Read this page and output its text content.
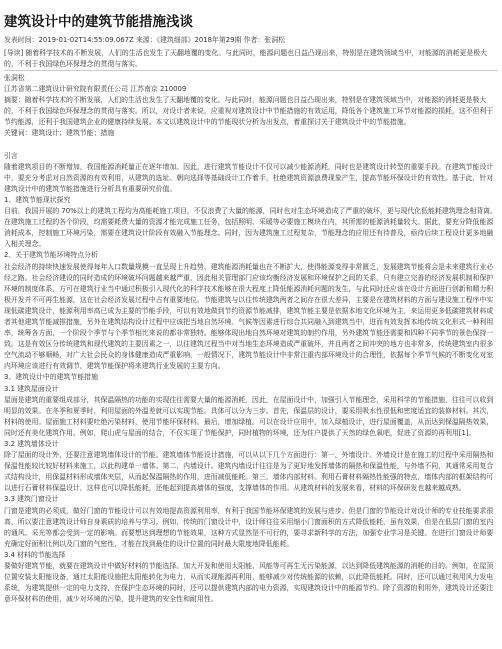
建筑设计中的建筑节能措施浅谈
发表时间：2019-01-02T14:55:09.067Z 来源：《建筑细部》2018年第29期 作者：张洞松
[导读] 随着科学技术的不断发展，人们的生活也发生了天翻地覆的变化。与此同时，能源问题也日益凸现出来，特别是在建筑领域当中，对能源的消耗更是极大的，不利于我国绿色环保理念的贯彻与落实。

张洞松

江苏省第二建筑设计研究院有限责任公司 江苏南京 210009

摘要：随着科学技术的不断发展，人们的生活也发生了天翻地覆的变化。与此同时，能源问题也日益凸现出来，特别是在建筑领域当中，对能源的消耗更是极大的，不利于我国绿色环保理念的贯彻与落实。所以，对设计者来说，应重视对建筑设计中节能措施的有效运用，降低各个建筑施工环节对能源的损耗，这不但利于节约能源，还利于我国建筑企业的健康持续发展。本文以建筑设计中的节能现状分析为出发点，着重探讨关于建筑设计中的节能措施。

关键词：建筑设计；建筑节能；措施

引言

随着建筑项目的不断增加，我国能源消耗量正在逐年增加。因此，进行建筑节能设计不仅可以减少能源消耗，同时也是建筑设计转型的重要手段。在建筑节能设计中，要充分考虑对自然资源的有效利用，从建筑的选址、朝向选择等基础设计工作着手，杜绝建筑资源浪费现象产生，提高节能环保设计的有效性。基于此，针对建筑设计中的建筑节能措施进行分析具有重要研究价值。

1、建筑节能现状探究

目前，我国开展的 70%以上的建筑工程均为高能耗施工项目，不仅浪费了大量的能源，同时也对生态环境造成了严重的破坏，更与现代化低能耗建筑理念相背离。在建筑施工过程的各个阶段，均需要耗费大量的资源才能完成施工任务，包括照明、采暖等必要施工模块在内，其所需的能源消耗量较大。据此，要充分降低能源消耗成本，控制施工环境污染，需要在建筑设计阶段有效融入节能理念。同时，因为建筑施工过程复杂，节能理念的应用还有待普及，亟待后续工程设计更多地融入相关理念。

2、关于建筑节能环境特点分析

社会经济的持续快速发展使得每年人口数量规模一直呈现上升趋势，建筑能源消耗量也在不断扩大，使得能源变得非常匮乏，发展建筑节能将会是未来建筑行业必经之路。社会经济建设的同时造成的环境破坏问题越来越严重，因此相关管理部门应该均衡经济发展和环境保护之间的关系，只有建立完善的经济发展机制和保护环境的制度体系，方可在建筑行业当中通过积极引入现代化的科学技术能够在很大程度上降低能源消耗问题的发生，与此同时还应该在设计方面进行创新和精力积极开发并不可再生能源，这在社会经济发展过程中占有重要地位。节能建筑与以往传统建筑两者之间存在很大差异，主要是在建筑材料的方面与建设施工程序中实现低碳建筑设计，能源利用率高已成为主要的节能手段，可以有效地做到节约资源节能减排，建筑节能主要是依据本地文化环境为主，来运用更多低碳建筑材料或者其他建筑节能减排措施，另外在建筑结构设计过程中应该把当地自然环境、气候等因素进行综合共同融入到建筑当中，进而有效发挥本地传统文化形式一种利用率，统筹各方面，一个阶段个季节与个季节相比来说的都非常独特。能够体现出地自然环境对建筑的制约作用，另外建筑节能还需要和四种不同季节的景色保持一致。这是有效区分传统建筑和现代建筑的主要因素之一，以往建筑过程当中对当地生态环境造成严重破坏，并且两者之间冲突的地方也非常多，传统建筑室内很多空气流动不够顺畅，对广大社会民众的身体健康造成严重影响，一般情况下，建筑节能设计中非常注重内部环境设计的合理性，依据每个季节气候的不断变化对室内环境应该进行有效调节，建筑节能保护将来建筑行业发展的主要方向。

3、建筑设计中的建筑节能措施

3.1 建筑屋面设计

屋面是建筑的重要组成部分，其保温隔热的功能的实现往往需要大量的能源消耗，因此，在屋面设计中，加强引入节能理念，采用科学的节能措施，往往可以收到明显的效果。在冬季和夏季时，利用屋面的外温差就可以实现节能。具体可以分为三步。首先，保温层的设计，要采用吸水性很低和密度适宜的装修材料。其次，材料的使用。屋面施工材料要吐绝污染材料，使用节能环保材料。最后，增加绿植。可以在设计应用中，加入绿植设计，进行屋面覆盖，从而达到保温隔热效果，同时还有美化建筑作用。例如，爬山虎与屋面的结合，不仅实现了节能保护，同时植物的环境，还为住户提供了天然的绿色氧吧，促进了资源的再利用[1]。

3.2 建筑墙体设计

除了屋面的设计外，还要注意建筑墙体设计的节能。建筑墙体节能设计措施，可以从以下几个方面进行：第一，外墙设计。外墙设计是在施工的过程中采用隔热和保温性能较比较好材料来施工，以此构建单一墙体。第二，内墙设计。建筑内墙设计往往是为了更好地发挥墙体的隔热和保温性能，与外墙不同，其通常采用复合式结构设计，用保温材料形成墙体夹层，从而起保温隔热的作用，进而减低能耗。第三，墙体内部材料。利用石膏材料隔热性能强的特点，墙体内部的框架结构可以进行石膏材料保温设计，这样也可以降低能耗，还能起到提高墙体的强度，支撑墙体的作用。从建筑材料的发展来看，材料的环保研发也越来越成熟。

3.3 建筑门窗设计

门窗是建筑的必须成，做好门窗的节能设计可以有效地提高资源利用率，有利于我国节能环保建筑的发展与进步。但是门窗的节能设计对设计师的专业技能要求很高，所以要注意建筑设计师自身素质的培养与学习。例如，传统的门窗设计中，设计师往往采用缩小门窗面积的方式降低能耗，虽有效果，但是在低层门窗的室内的通风、采光等都会受到一定的影响。而要想达到理想的节能效果，这种方式显然是不可行的，要寻求新科学的方法，加强专业学习是关键。在进行门窗设计师要充确定好面积比例以及门窗的气密性，才能在找到最佳的设计位置的同时最大限度地降低能耗。

3.4 材料的节能选择

要做好建筑节能，就要在建筑设计中做好材料的节能选择。加大开发和使用太阳能、风能等可再生无污染能源，以达到降低建筑能源的消耗的目的。例如，在屋顶位置安装太阳能设备，通过太阳能设施把太阳能转化为电力，从而实现能源再利用，能够减少对传统能源的依赖，以此降低能耗。同时，还可以通过利用风力发电系统，为建筑提供一定的电力支持，在保护生态环境的同时，还可以提供建筑内部的电力资源，实现建筑设计中的能源节约。除了资源的利用外，建筑设计还要注意环保材料的使用，减少对环境的污染，提升建筑的安全性和耐用性。
